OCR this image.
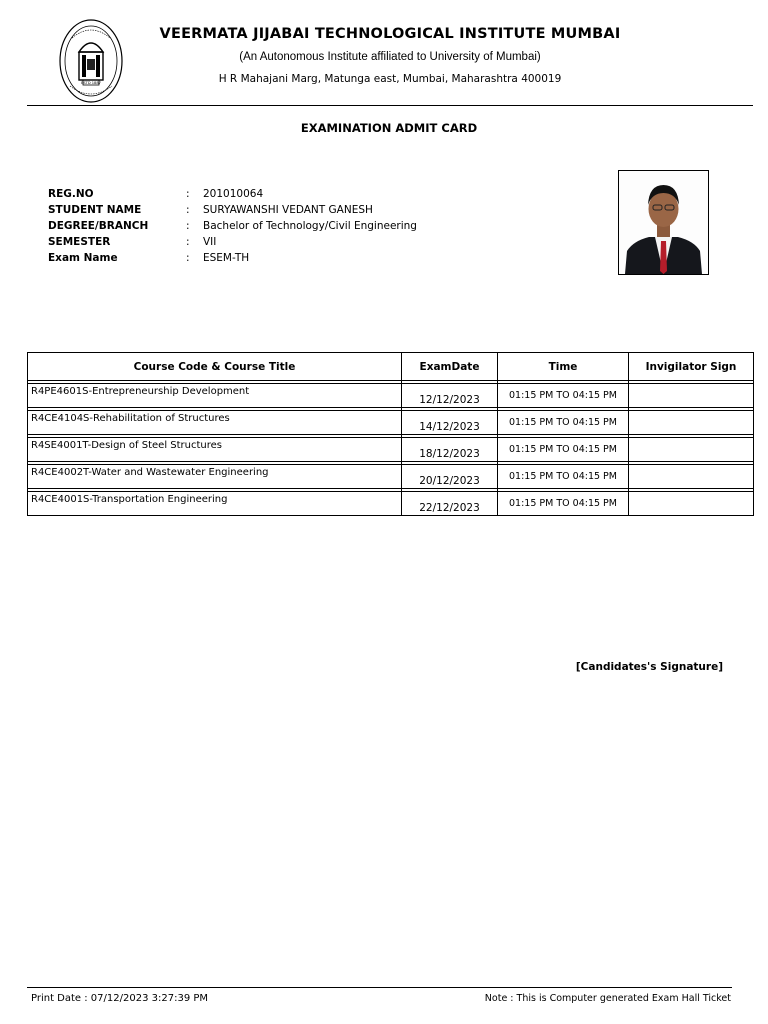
ESTD 1887
VEERMATA JIJABAI TECHNOLOGICAL INSTITUTE MUMBAI
(An Autonomous Institute affiliated to University of Mumbai)
H R Mahajani Marg, Matunga east, Mumbai, Maharashtra 400019
EXAMINATION ADMIT CARD
REG.NO	: 201010064
STUDENT NAME	: SURYAWANSHI VEDANT GANESH
DEGREE/BRANCH	: Bachelor of Technology/Civil Engineering
SEMESTER	: VII
Exam Name	: ESEM-TH
Course Code & Course Title	ExamDate	Time	Invigilator Sign

R4PE4601S-Entrepreneurship Development	12/12/2023	01:15 PM TO 04:15 PM	

R4CE4104S-Rehabilitation of Structures	14/12/2023	01:15 PM TO 04:15 PM	

R4SE4001T-Design of Steel Structures	18/12/2023	01:15 PM TO 04:15 PM	

R4CE4002T-Water and Wastewater Engineering	20/12/2023	01:15 PM TO 04:15 PM	

R4CE4001S-Transportation Engineering	22/12/2023	01:15 PM TO 04:15 PM	
[Candidates's Signature]
Print Date : 07/12/2023 3:27:39 PM	Note : This is Computer generated Exam Hall Ticket
